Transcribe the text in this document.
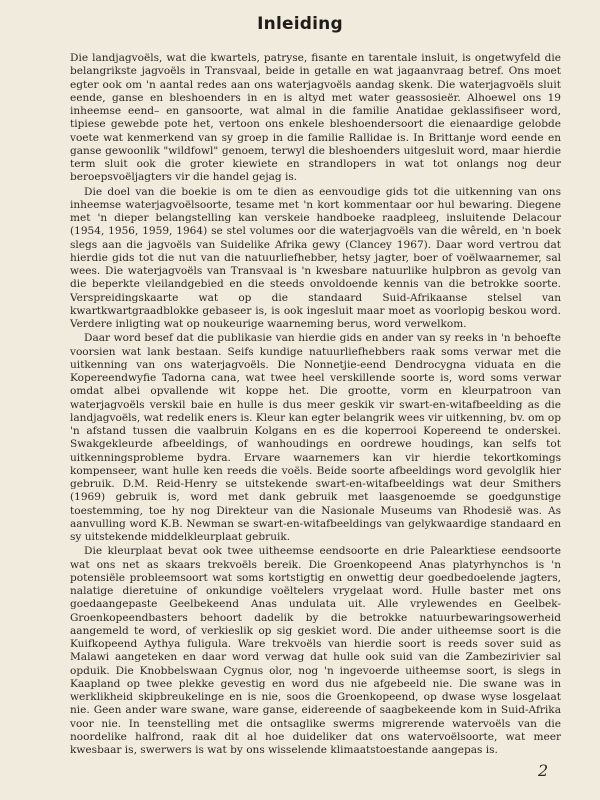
Inleiding

Die landjagvoëls, wat die kwartels, patryse, fisante en tarentale insluit, is ongetwyfeld die belangrikste jagvoëls in Transvaal, beide in getalle en wat jagaanvraag betref. Ons moet egter ook om 'n aantal redes aan ons waterjagvoëls aandag skenk. Die waterjagvoëls sluit eende, ganse en bleshoenders in en is altyd met water geassosieër. Alhoewel ons 19 inheemse eend– en gansoorte, wat almal in die familie Anatidae geklassifiseer word, tipiese gewebde pote het, vertoon ons enkele bleshoendersoort die eienaardige gelobde voete wat kenmerkend van sy groep in die familie Rallidae is. In Brittanje word eende en ganse gewoonlik "wildfowl" genoem, terwyl die bleshoenders uitgesluit word, maar hierdie term sluit ook die groter kiewiete en strandlopers in wat tot onlangs nog deur beroepsvoëljagters vir die handel gejag is.

Die doel van die boekie is om te dien as eenvoudige gids tot die uitkenning van ons inheemse waterjagvoëlsoorte, tesame met 'n kort kommentaar oor hul bewaring. Diegene met 'n dieper belangstelling kan verskeie handboeke raadpleeg, insluitende Delacour (1954, 1956, 1959, 1964) se stel volumes oor die waterjagvoëls van die wêreld, en 'n boek slegs aan die jagvoëls van Suidelike Afrika gewy (Clancey 1967). Daar word vertrou dat hierdie gids tot die nut van die natuurliefhebber, hetsy jagter, boer of voëlwaarnemer, sal wees. Die waterjagvoëls van Transvaal is 'n kwesbare natuurlike hulpbron as gevolg van die beperkte vleilandgebied en die steeds onvoldoende kennis van die betrokke soorte. Verspreidingskaarte wat op die standaard Suid-Afrikaanse stelsel van kwartkwartgraadblokke gebaseer is, is ook ingesluit maar moet as voorlopig beskou word. Verdere inligting wat op noukeurige waarneming berus, word verwelkom.

Daar word besef dat die publikasie van hierdie gids en ander van sy reeks in 'n behoefte voorsien wat lank bestaan. Seifs kundige natuurliefhebbers raak soms verwar met die uitkenning van ons waterjagvoëls. Die Nonnetjie-eend Dendrocygna viduata en die Kopereendwyfie Tadorna cana, wat twee heel verskillende soorte is, word soms verwar omdat albei opvallende wit koppe het. Die grootte, vorm en kleurpatroon van waterjagvoëls verskil baie en hulle is dus meer geskik vir swart-en-witafbeelding as die landjagvoëls, wat redelik eners is. Kleur kan egter belangrik wees vir uitkenning, bv. om op 'n afstand tussen die vaalbruin Kolgans en es die koperrooi Kopereend te onderskei. Swakgekleurde afbeeldings, of wanhoudings en oordrewe houdings, kan selfs tot uitkenningsprobleme bydra. Ervare waarnemers kan vir hierdie tekortkomings kompenseer, want hulle ken reeds die voëls. Beide soorte afbeeldings word gevolglik hier gebruik. D.M. Reid-Henry se uitstekende swart-en-witafbeeldings wat deur Smithers (1969) gebruik is, word met dank gebruik met laasgenoemde se goedgunstige toestemming, toe hy nog Direkteur van die Nasionale Museums van Rhodesië was. As aanvulling word K.B. Newman se swart-en-witafbeeldings van gelykwaardige standaard en sy uitstekende middelkleurplaat gebruik.

Die kleurplaat bevat ook twee uitheemse eendsoorte en drie Palearktiese eendsoorte wat ons net as skaars trekvoëls bereik. Die Groenkopeend Anas platyrhynchos is 'n potensiële probleemsoort wat soms kortstigtig en onwettig deur goedbedoelende jagters, nalatige dieretuine of onkundige voëltelers vrygelaat word. Hulle baster met ons goedaangepaste Geelbekeend Anas undulata uit. Alle vrylewendes en Geelbek-Groenkopeendbasters behoort dadelik by die betrokke natuurbewaringsowerheid aangemeld te word, of verkieslik op sig geskiet word. Die ander uitheemse soort is die Kuifkopeend Aythya fuligula. Ware trekvoëls van hierdie soort is reeds sover suid as Malawi aangeteken en daar word verwag dat hulle ook suid van die Zambezirivier sal opduik. Die Knobbelswaan Cygnus olor, nog 'n ingevoerde uitheemse soort, is slegs in Kaapland op twee plekke gevestig en word dus nie afgebeeld nie. Die swane was in werklikheid skipbreukelinge en is nie, soos die Groenkopeend, op dwase wyse losgelaat nie. Geen ander ware swane, ware ganse, eidereende of saagbekeende kom in Suid-Afrika voor nie. In teenstelling met die ontsaglike swerms migrerende watervoëls van die noordelike halfrond, raak dit al hoe duideliker dat ons watervoëlsoorte, wat meer kwesbaar is, swerwers is wat by ons wisselende klimaatstoestande aangepas is.

2
